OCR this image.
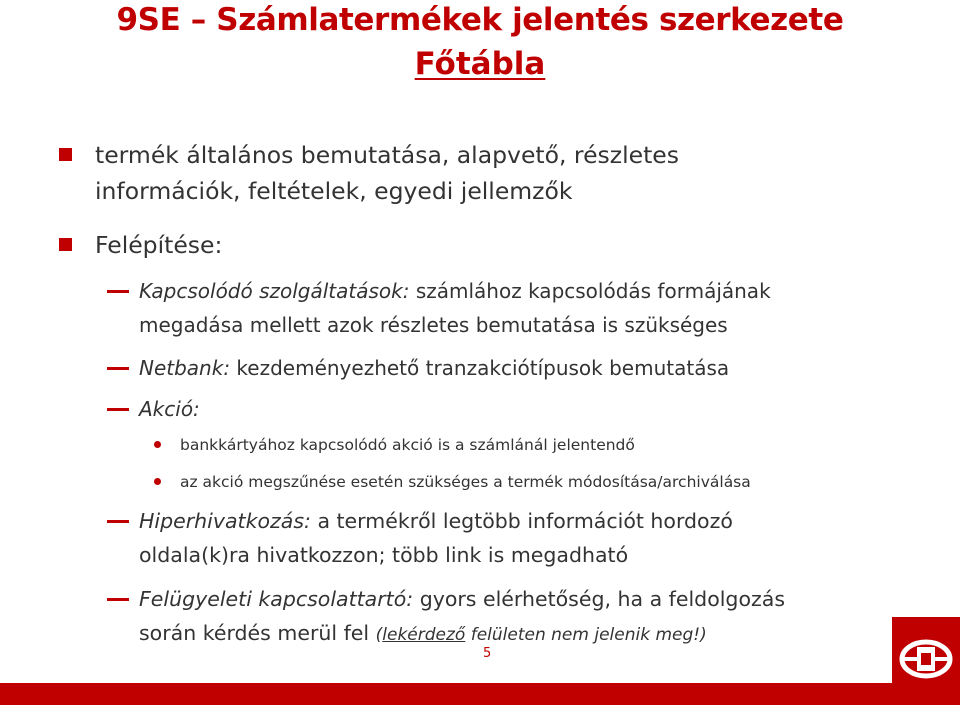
9SE – Számlatermékek jelentés szerkezete
Főtábla
termék általános bemutatása, alapvető, részletes
információk, feltételek, egyedi jellemzők
Felépítése:
Kapcsolódó szolgáltatások: számlához kapcsolódás formájának
megadása mellett azok részletes bemutatása is szükséges
Netbank: kezdeményezhető tranzakciótípusok bemutatása
Akció:
bankkártyához kapcsolódó akció is a számlánál jelentendő
az akció megszűnése esetén szükséges a termék módosítása/archiválása
Hiperhivatkozás: a termékről legtöbb információt hordozó
oldala(k)ra hivatkozzon; több link is megadható
Felügyeleti kapcsolattartó: gyors elérhetőség, ha a feldolgozás
során kérdés merül fel (lekérdező felületen nem jelenik meg!)
5
